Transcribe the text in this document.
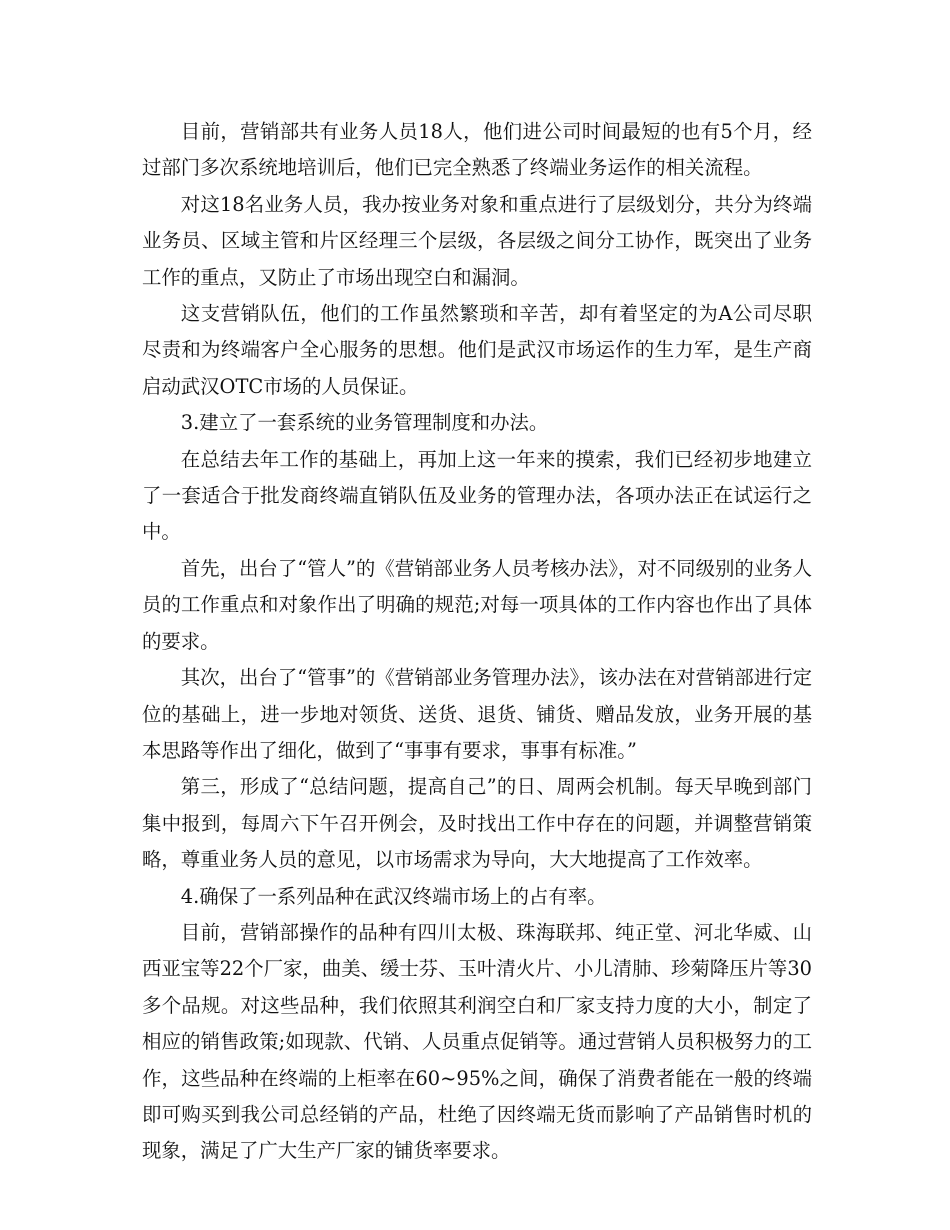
目前，营销部共有业务人员18人，他们进公司时间最短的也有5个月，经过部门多次系统地培训后，他们已完全熟悉了终端业务运作的相关流程。

对这18名业务人员，我办按业务对象和重点进行了层级划分，共分为终端业务员、区域主管和片区经理三个层级，各层级之间分工协作，既突出了业务工作的重点，又防止了市场出现空白和漏洞。

这支营销队伍，他们的工作虽然繁琐和辛苦，却有着坚定的为A公司尽职尽责和为终端客户全心服务的思想。他们是武汉市场运作的生力军，是生产商启动武汉OTC市场的人员保证。

3.建立了一套系统的业务管理制度和办法。

在总结去年工作的基础上，再加上这一年来的摸索，我们已经初步地建立了一套适合于批发商终端直销队伍及业务的管理办法，各项办法正在试运行之中。

首先，出台了“管人”的《营销部业务人员考核办法》，对不同级别的业务人员的工作重点和对象作出了明确的规范;对每一项具体的工作内容也作出了具体的要求。

其次，出台了“管事”的《营销部业务管理办法》，该办法在对营销部进行定位的基础上，进一步地对领货、送货、退货、铺货、赠品发放，业务开展的基本思路等作出了细化，做到了“事事有要求，事事有标准。”

第三，形成了“总结问题，提高自己”的日、周两会机制。每天早晚到部门集中报到，每周六下午召开例会，及时找出工作中存在的问题，并调整营销策略，尊重业务人员的意见，以市场需求为导向，大大地提高了工作效率。

4.确保了一系列品种在武汉终端市场上的占有率。

目前，营销部操作的品种有四川太极、珠海联邦、纯正堂、河北华威、山西亚宝等22个厂家，曲美、缓士芬、玉叶清火片、小儿清肺、珍菊降压片等30多个品规。对这些品种，我们依照其利润空白和厂家支持力度的大小，制定了相应的销售政策;如现款、代销、人员重点促销等。通过营销人员积极努力的工作，这些品种在终端的上柜率在60~95%之间，确保了消费者能在一般的终端即可购买到我公司总经销的产品，杜绝了因终端无货而影响了产品销售时机的现象，满足了广大生产厂家的铺货率要求。
